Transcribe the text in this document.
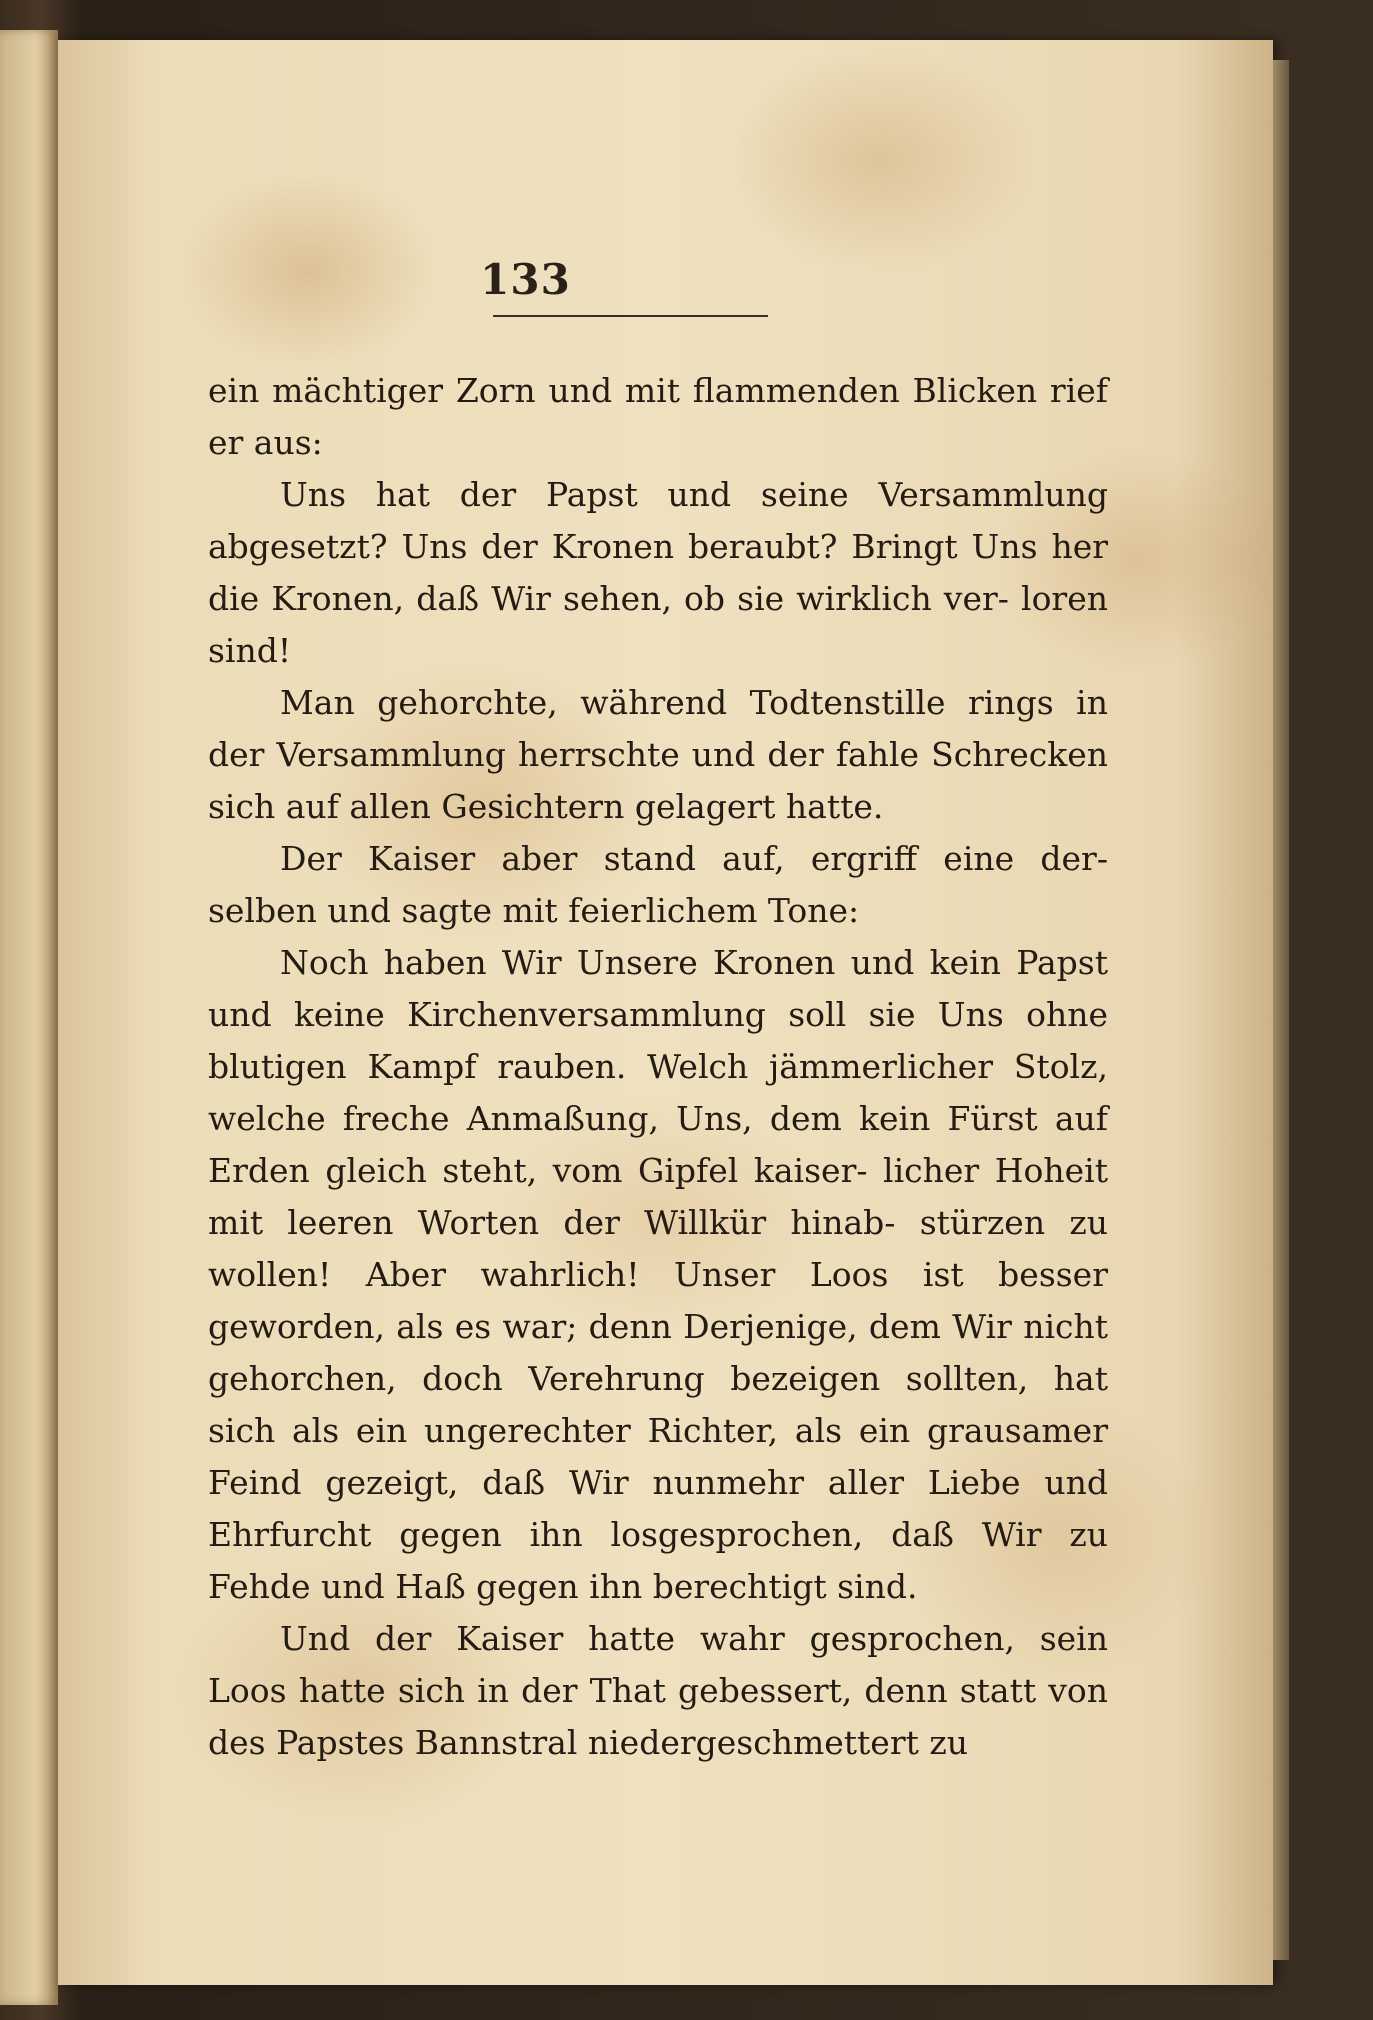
133

ein mächtiger Zorn und mit flammenden Blicken rief er aus:

Uns hat der Papst und seine Versammlung abgesetzt? Uns der Kronen beraubt? Bringt Uns her die Kronen, daß Wir sehen, ob sie wirklich ver- loren sind!

Man gehorchte, während Todtenstille rings in der Versammlung herrschte und der fahle Schrecken sich auf allen Gesichtern gelagert hatte.

Der Kaiser aber stand auf, ergriff eine der- selben und sagte mit feierlichem Tone:

Noch haben Wir Unsere Kronen und kein Papst und keine Kirchenversammlung soll sie Uns ohne blutigen Kampf rauben. Welch jämmerlicher Stolz, welche freche Anmaßung, Uns, dem kein Fürst auf Erden gleich steht, vom Gipfel kaiser- licher Hoheit mit leeren Worten der Willkür hinab- stürzen zu wollen! Aber wahrlich! Unser Loos ist besser geworden, als es war; denn Derjenige, dem Wir nicht gehorchen, doch Verehrung bezeigen sollten, hat sich als ein ungerechter Richter, als ein grausamer Feind gezeigt, daß Wir nunmehr aller Liebe und Ehrfurcht gegen ihn losgesprochen, daß Wir zu Fehde und Haß gegen ihn berechtigt sind.

Und der Kaiser hatte wahr gesprochen, sein Loos hatte sich in der That gebessert, denn statt von des Papstes Bannstral niedergeschmettert zu
